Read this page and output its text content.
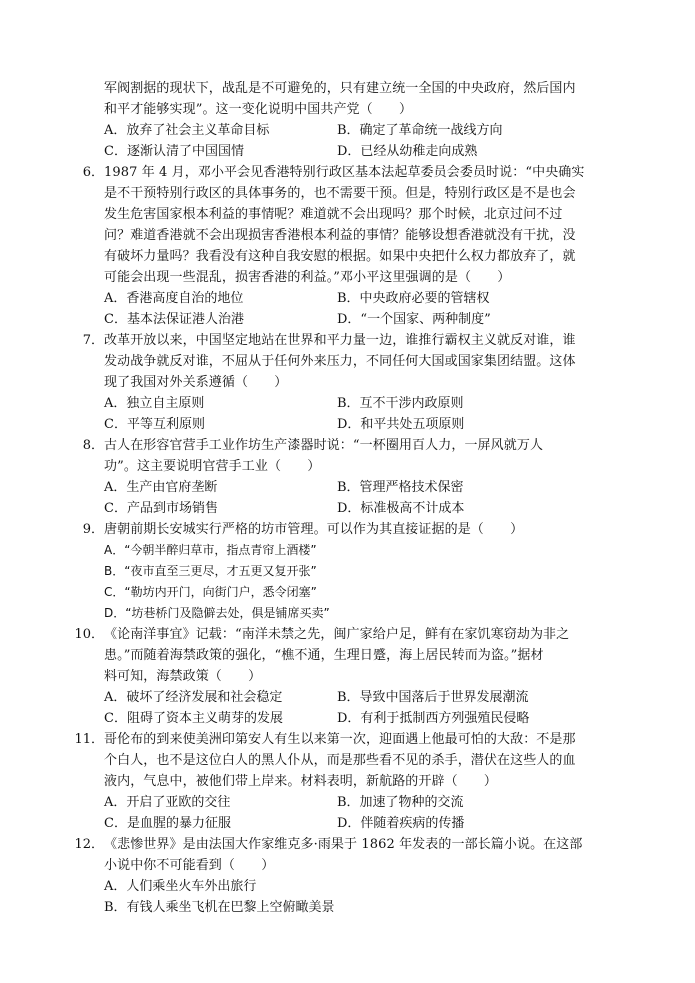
军阀割据的现状下，战乱是不可避免的，只有建立统一全国的中央政府，然后国内
和平才能够实现”。这一变化说明中国共产党（　　）
A．放弃了社会主义革命目标	B．确定了革命统一战线方向
C．逐渐认清了中国国情	D．已经从幼稚走向成熟
6． 1987 年 4 月，邓小平会见香港特别行政区基本法起草委员会委员时说：“中央确实
是不干预特别行政区的具体事务的，也不需要干预。但是，特别行政区是不是也会
发生危害国家根本利益的事情呢？难道就不会出现吗？那个时候，北京过问不过
问？难道香港就不会出现损害香港根本利益的事情？能够设想香港就没有干扰，没
有破坏力量吗？我看没有这种自我安慰的根据。如果中央把什么权力都放弃了，就
可能会出现一些混乱，损害香港的利益。”邓小平这里强调的是（　　）
A．香港高度自治的地位	B．中央政府必要的管辖权
C．基本法保证港人治港	D．“一个国家、两种制度”
7． 改革开放以来，中国坚定地站在世界和平力量一边，谁推行霸权主义就反对谁，谁
发动战争就反对谁，不屈从于任何外来压力，不同任何大国或国家集团结盟。这体
现了我国对外关系遵循（　　）
A．独立自主原则	B．互不干涉内政原则
C．平等互利原则	D．和平共处五项原则
8． 古人在形容官营手工业作坊生产漆器时说：“一杯圈用百人力，一屏风就万人
功”。这主要说明官营手工业（　　）
A．生产由官府垄断	B．管理严格技术保密
C．产品到市场销售	D．标准极高不计成本
9． 唐朝前期长安城实行严格的坊市管理。可以作为其直接证据的是（　　）
A．“今朝半醉归草市，指点青帘上酒楼”
B．“夜市直至三更尽，才五更又复开张”
C．“勒坊内开门，向街门户，悉令闭塞”
D．“坊巷桥门及隐僻去处，俱是铺席买卖”
10． 《论南洋事宜》记载：“南洋未禁之先，闽广家给户足，鲜有在家饥寒窃劫为非之
患。”而随着海禁政策的强化，“樵不通，生理日蹙，海上居民转而为盗。”据材
料可知，海禁政策（　　）
A．破坏了经济发展和社会稳定	B．导致中国落后于世界发展潮流
C．阻碍了资本主义萌芽的发展	D．有利于抵制西方列强殖民侵略
11． 哥伦布的到来使美洲印第安人有生以来第一次，迎面遇上他最可怕的大敌：不是那
个白人，也不是这位白人的黑人仆从，而是那些看不见的杀手，潜伏在这些人的血
液内，气息中，被他们带上岸来。材料表明，新航路的开辟（　　）
A．开启了亚欧的交往	B．加速了物种的交流
C．是血腥的暴力征服	D．伴随着疾病的传播
12． 《悲惨世界》是由法国大作家维克多·雨果于 1862 年发表的一部长篇小说。在这部
小说中你不可能看到（　　）
A．人们乘坐火车外出旅行
B．有钱人乘坐飞机在巴黎上空俯瞰美景
